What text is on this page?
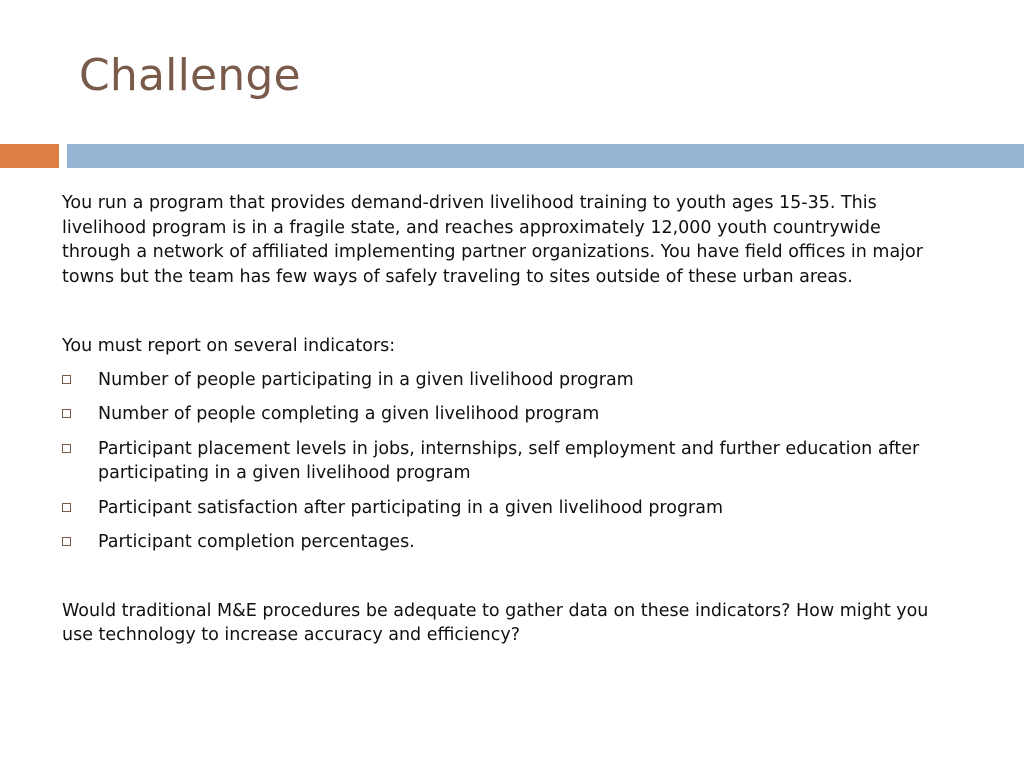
Challenge

You run a program that provides demand-driven livelihood training to youth ages 15-35. This livelihood program is in a fragile state, and reaches approximately 12,000 youth countrywide through a network of affiliated implementing partner organizations. You have field offices in major towns but the team has few ways of safely traveling to sites outside of these urban areas.

You must report on several indicators:

Number of people participating in a given livelihood program
Number of people completing a given livelihood program
Participant placement levels in jobs, internships, self employment and further education after participating in a given livelihood program
Participant satisfaction after participating in a given livelihood program
Participant completion percentages.

Would traditional M&E procedures be adequate to gather data on these indicators? How might you use technology to increase accuracy and efficiency?
